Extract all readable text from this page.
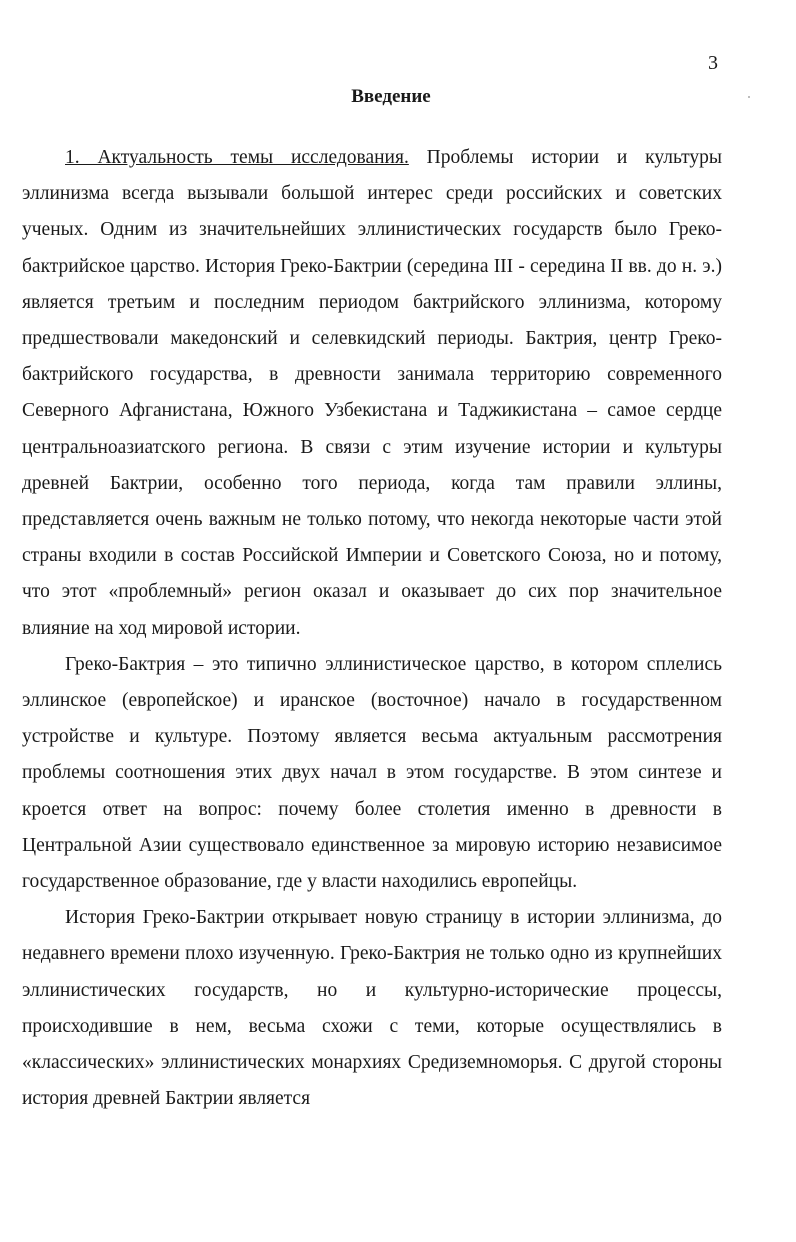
3
Введение

1. Актуальность темы исследования. Проблемы истории и культуры эллинизма всегда вызывали большой интерес среди российских и советских ученых. Одним из значительнейших эллинистических государств было Греко-бактрийское царство. История Греко-Бактрии (середина III - середина II вв. до н. э.) является третьим и последним периодом бактрийского эллинизма, которому предшествовали македонский и селевкидский периоды. Бактрия, центр Греко-бактрийского государства, в древности занимала территорию современного Северного Афганистана, Южного Узбекистана и Таджикистана – самое сердце центральноазиатского региона. В связи с этим изучение истории и культуры древней Бактрии, особенно того периода, когда там правили эллины, представляется очень важным не только потому, что некогда некоторые части этой страны входили в состав Российской Империи и Советского Союза, но и потому, что этот «проблемный» регион оказал и оказывает до сих пор значительное влияние на ход мировой истории.

Греко-Бактрия – это типично эллинистическое царство, в котором сплелись эллинское (европейское) и иранское (восточное) начало в государственном устройстве и культуре. Поэтому является весьма актуальным рассмотрения проблемы соотношения этих двух начал в этом государстве. В этом синтезе и кроется ответ на вопрос: почему более столетия именно в древности в Центральной Азии существовало единственное за мировую историю независимое государственное образование, где у власти находились европейцы.

История Греко-Бактрии открывает новую страницу в истории эллинизма, до недавнего времени плохо изученную. Греко-Бактрия не только одно из крупнейших эллинистических государств, но и культурно-исторические процессы, происходившие в нем, весьма схожи с теми, которые осуществлялись в «классических» эллинистических монархиях Средиземноморья. С другой стороны история древней Бактрии является
